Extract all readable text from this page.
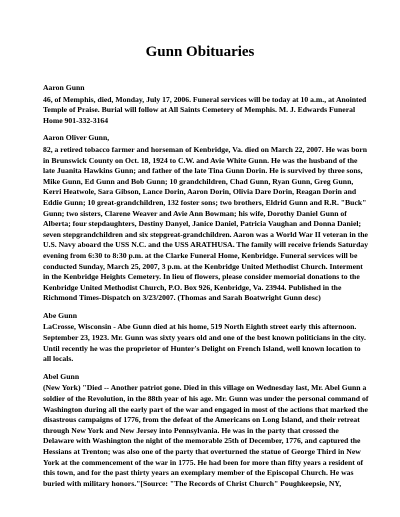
Gunn Obituaries

Aaron Gunn

46, of Memphis, died, Monday, July 17, 2006. Funeral services will be today at 10 a.m., at Anointed Temple of Praise. Burial will follow at All Saints Cemetery of Memphis. M. J. Edwards Funeral Home 901-332-3164

Aaron Oliver Gunn,

82, a retired tobacco farmer and horseman of Kenbridge, Va. died on March 22, 2007. He was born in Brunswick County on Oct. 18, 1924 to C.W. and Avie White Gunn. He was the husband of the late Juanita Hawkins Gunn; and father of the late Tina Gunn Dorin. He is survived by three sons, Mike Gunn, Ed Gunn and Bob Gunn; 10 grandchildren, Chad Gunn, Ryan Gunn, Greg Gunn, Kerri Heatwole, Sara Gibson, Lance Dorin, Aaron Dorin, Olivia Dare Dorin, Reagan Dorin and Eddie Gunn; 10 great-grandchildren, 132 foster sons; two brothers, Eldrid Gunn and R.R. "Buck" Gunn; two sisters, Clarene Weaver and Avie Ann Bowman; his wife, Dorothy Daniel Gunn of Alberta; four stepdaughters, Destiny Danyel, Janice Daniel, Patricia Vaughan and Donna Daniel; seven stepgrandchildren and six stepgreat-grandchildren. Aaron was a World War II veteran in the U.S. Navy aboard the USS N.C. and the USS ARATHUSA. The family will receive friends Saturday evening from 6:30 to 8:30 p.m. at the Clarke Funeral Home, Kenbridge. Funeral services will be conducted Sunday, March 25, 2007, 3 p.m. at the Kenbridge United Methodist Church. Interment in the Kenbridge Heights Cemetery. In lieu of flowers, please consider memorial donations to the Kenbridge United Methodist Church, P.O. Box 926, Kenbridge, Va. 23944. Published in the Richmond Times-Dispatch on 3/23/2007. (Thomas and Sarah Boatwright Gunn desc)

Abe Gunn

LaCrosse, Wisconsin - Abe Gunn died at his home, 519 North Eighth street early this afternoon. September 23, 1923. Mr. Gunn was sixty years old and one of the best known politicians in the city. Until recently he was the proprietor of Hunter's Delight on French Island, well known location to all locals.

Abel Gunn

(New York) "Died -- Another patriot gone. Died in this village on Wednesday last, Mr. Abel Gunn a soldier of the Revolution, in the 88th year of his age. Mr. Gunn was under the personal command of Washington during all the early part of the war and engaged in most of the actions that marked the disastrous campaigns of 1776, from the defeat of the Americans on Long Island, and their retreat through New York and New Jersey into Pennsylvania. He was in the party that crossed the Delaware with Washington the night of the memorable 25th of December, 1776, and captured the Hessians at Trenton; was also one of the party that overturned the statue of George Third in New York at the commencement of the war in 1775. He had been for more than fifty years a resident of this town, and for the past thirty years an exemplary member of the Episcopal Church. He was buried with military honors."[Source: "The Records of Christ Church" Poughkeepsie, NY,
